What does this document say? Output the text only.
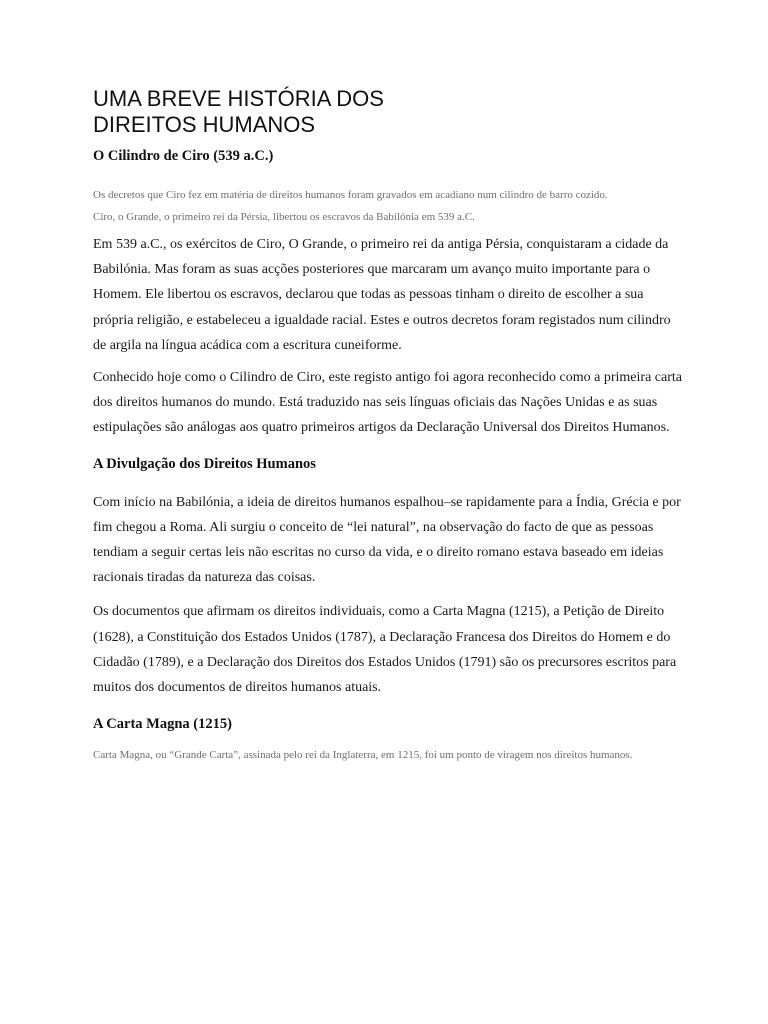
UMA BREVE HISTÓRIA DOS
DIREITOS HUMANOS
O Cilindro de Ciro (539 a.C.)

Os decretos que Ciro fez em matéria de direitos humanos foram gravados em acadiano num cilindro de barro cozido.

Ciro, o Grande, o primeiro rei da Pérsia, libertou os escravos da Babilónia em 539 a.C.

Em 539 a.C., os exércitos de Ciro, O Grande, o primeiro rei da antiga Pérsia, conquistaram a cidade da Babilónia. Mas foram as suas acções posteriores que marcaram um avanço muito importante para o Homem. Ele libertou os escravos, declarou que todas as pessoas tinham o direito de escolher a sua própria religião, e estabeleceu a igualdade racial. Estes e outros decretos foram registados num cilindro de argila na língua acádica com a escritura cuneiforme.

Conhecido hoje como o Cilindro de Ciro, este registo antigo foi agora reconhecido como a primeira carta dos direitos humanos do mundo. Está traduzido nas seis línguas oficiais das Nações Unidas e as suas estipulações são análogas aos quatro primeiros artigos da Declaração Universal dos Direitos Humanos.

A Divulgação dos Direitos Humanos

Com início na Babilónia, a ideia de direitos humanos espalhou–se rapidamente para a Índia, Grécia e por fim chegou a Roma. Ali surgiu o conceito de “lei natural”, na observação do facto de que as pessoas tendiam a seguir certas leis não escritas no curso da vida, e o direito romano estava baseado em ideias racionais tiradas da natureza das coisas.

Os documentos que afirmam os direitos individuais, como a Carta Magna (1215), a Petição de Direito (1628), a Constituição dos Estados Unidos (1787), a Declaração Francesa dos Direitos do Homem e do Cidadão (1789), e a Declaração dos Direitos dos Estados Unidos (1791) são os precursores escritos para muitos dos documentos de direitos humanos atuais.

A Carta Magna (1215)

Carta Magna, ou “Grande Carta”, assinada pelo rei da Inglaterra, em 1215, foi um ponto de viragem nos direitos humanos.
